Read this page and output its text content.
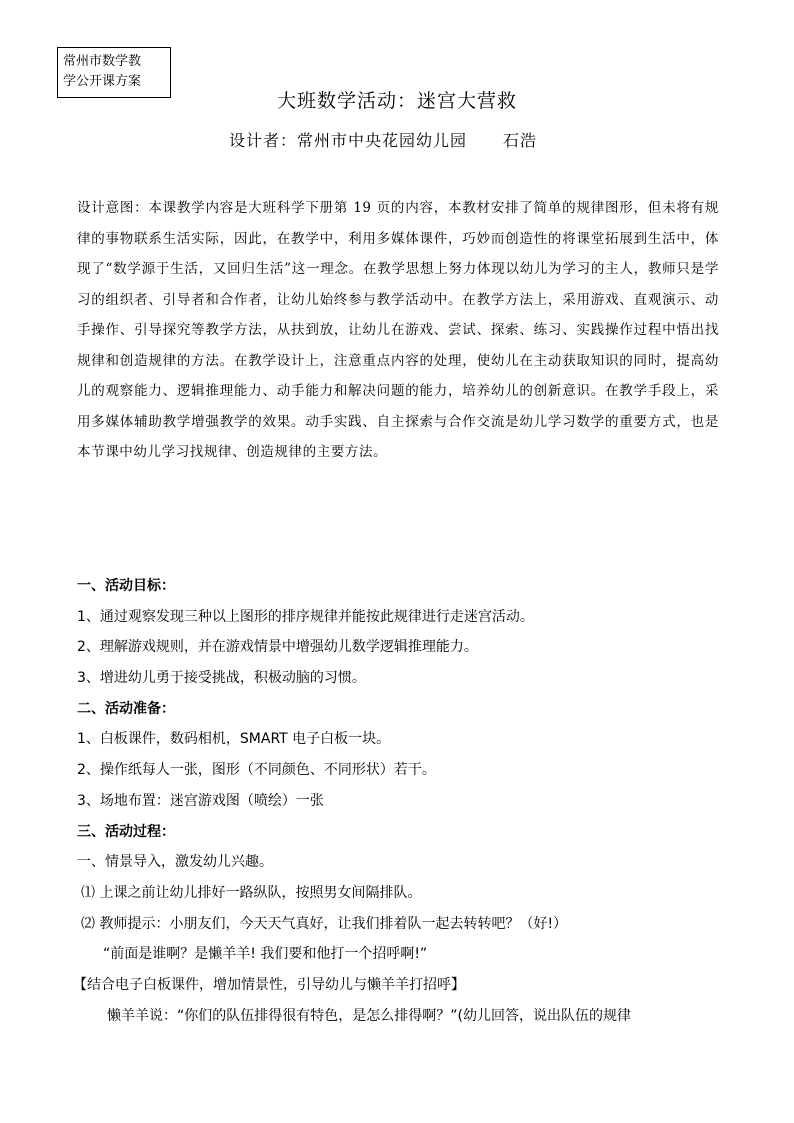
常州市数学教
学公开课方案
大班数学活动：迷宫大营救
设计者：常州市中央花园幼儿园 石浩
设计意图：本课教学内容是大班科学下册第 19 页的内容，本教材安排了简单的规律图形，但未将有规律的事物联系生活实际，因此，在教学中，利用多媒体课件，巧妙而创造性的将课堂拓展到生活中，体现了“数学源于生活，又回归生活”这一理念。在教学思想上努力体现以幼儿为学习的主人，教师只是学习的组织者、引导者和合作者，让幼儿始终参与教学活动中。在教学方法上，采用游戏、直观演示、动手操作、引导探究等教学方法，从扶到放，让幼儿在游戏、尝试、探索、练习、实践操作过程中悟出找规律和创造规律的方法。在教学设计上，注意重点内容的处理，使幼儿在主动获取知识的同时，提高幼儿的观察能力、逻辑推理能力、动手能力和解决问题的能力，培养幼儿的创新意识。在教学手段上，采用多媒体辅助教学增强教学的效果。动手实践、自主探索与合作交流是幼儿学习数学的重要方式，也是本节课中幼儿学习找规律、创造规律的主要方法。
一、活动目标：
1、通过观察发现三种以上图形的排序规律并能按此规律进行走迷宫活动。
2、理解游戏规则，并在游戏情景中增强幼儿数学逻辑推理能力。
3、增进幼儿勇于接受挑战，积极动脑的习惯。
二、活动准备：
1、白板课件，数码相机，SMART 电子白板一块。
2、操作纸每人一张，图形（不同颜色、不同形状）若干。
3、场地布置：迷宫游戏图（喷绘）一张
三、活动过程：
一、情景导入，激发幼儿兴趣。
⑴ 上课之前让幼儿排好一路纵队，按照男女间隔排队。
⑵ 教师提示：小朋友们，今天天气真好，让我们排着队一起去转转吧？（好!）
“前面是谁啊？是懒羊羊! 我们要和他打一个招呼啊!”
【结合电子白板课件，增加情景性，引导幼儿与懒羊羊打招呼】
懒羊羊说：“你们的队伍排得很有特色，是怎么排得啊？”(幼儿回答，说出队伍的规律
